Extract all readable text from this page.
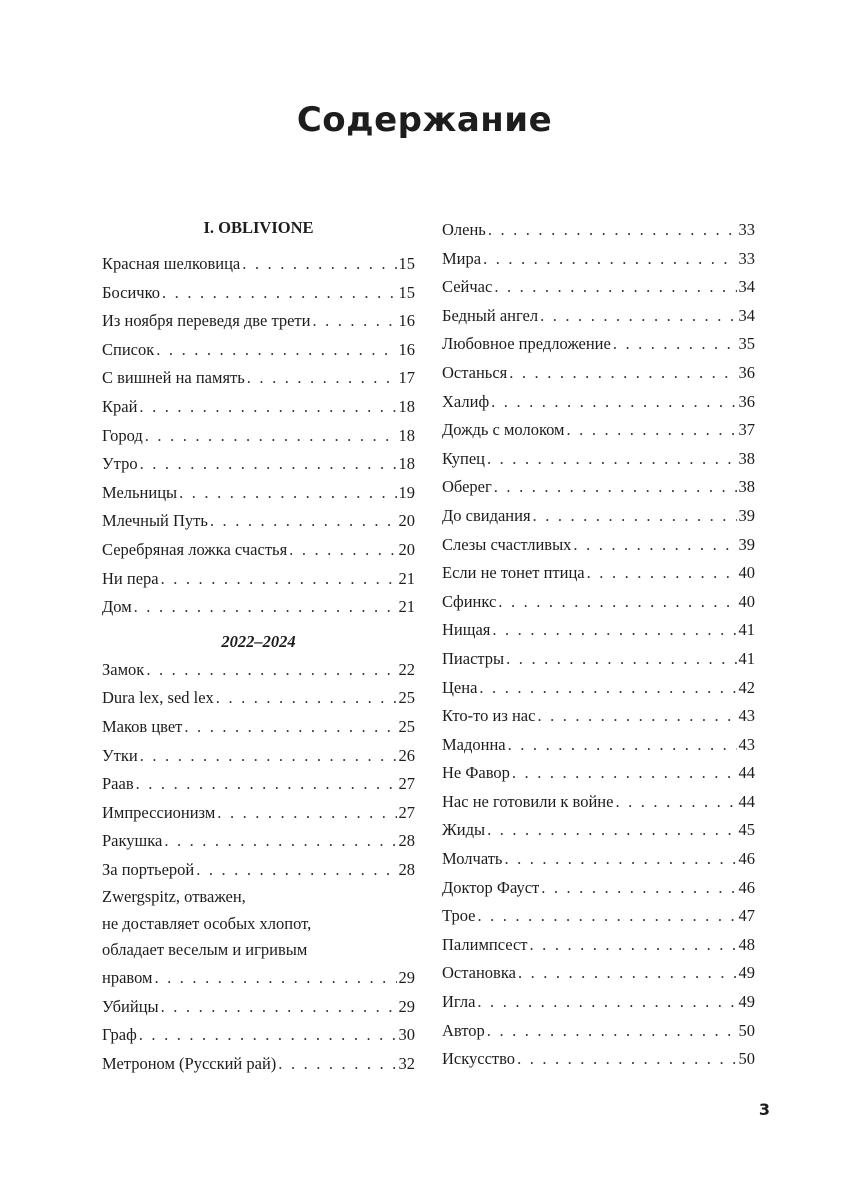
Содержание
I. OBLIVIONE
Красная шелковица . . .	15
Босичко . . .	15
Из ноября переведя две трети . . .	16
Список . . .	16
С вишней на память . . .	17
Край . . .	18
Город . . .	18
Утро . . .	18
Мельницы . . .	19
Млечный Путь . . .	20
Серебряная ложка счастья . . .	20
Ни пера . . .	21
Дом . . .	21
2022–2024
Замок . . .	22
Dura lex, sed lex . . .	25
Маков цвет . . .	25
Утки . . .	26
Раав . . .	27
Импрессионизм . . .	27
Ракушка . . .	28
За портьерой . . .	28
Zwergspitz, отважен,
не доставляет особых хлопот,
обладает веселым и игривым
нравом . . .	29
Убийцы . . .	29
Граф . . .	30
Метроном (Русский рай) . . .	32
Олень . . .	33
Мира . . .	33
Сейчас . . .	34
Бедный ангел . . .	34
Любовное предложение . . .	35
Останься . . .	36
Халиф . . .	36
Дождь с молоком . . .	37
Купец . . .	38
Оберег . . .	38
До свидания . . .	39
Слезы счастливых . . .	39
Если не тонет птица . . .	40
Сфинкс . . .	40
Нищая . . .	41
Пиастры . . .	41
Цена . . .	42
Кто-то из нас . . .	43
Мадонна . . .	43
Не Фавор . . .	44
Нас не готовили к войне . . .	44
Жиды . . .	45
Молчать . . .	46
Доктор Фауст . . .	46
Трое . . .	47
Палимпсест . . .	48
Остановка . . .	49
Игла . . .	49
Автор . . .	50
Искусство . . .	50
3
